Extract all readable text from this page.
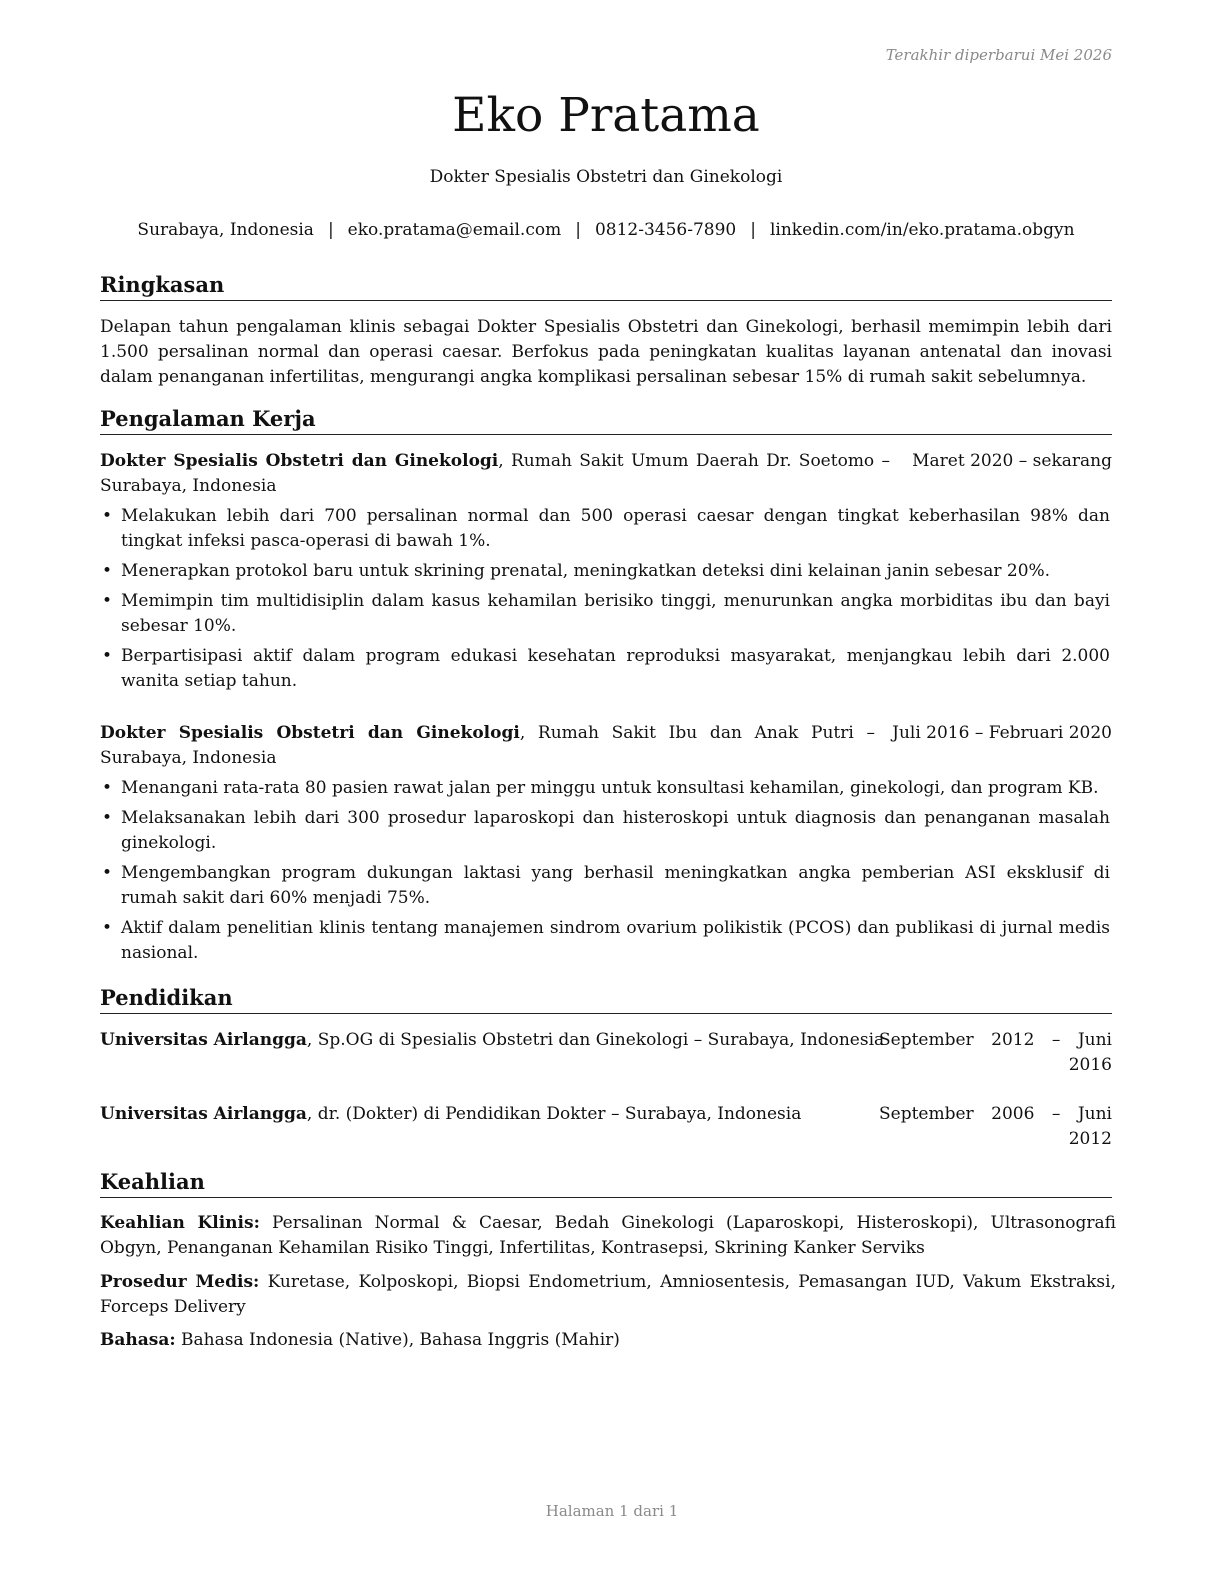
Terakhir diperbarui Mei 2026
Eko Pratama
Dokter Spesialis Obstetri dan Ginekologi
Surabaya, Indonesia | eko.pratama@email.com | 0812-3456-7890 | linkedin.com/in/eko.pratama.obgyn
Ringkasan
Delapan tahun pengalaman klinis sebagai Dokter Spesialis Obstetri dan Ginekologi, berhasil memimpin lebih dari 1.500 persalinan normal dan operasi caesar. Berfokus pada peningkatan kualitas layanan antenatal dan inovasi dalam penanganan infertilitas, mengurangi angka komplikasi persalinan sebesar 15% di rumah sakit sebelumnya.
Pengalaman Kerja
Dokter Spesialis Obstetri dan Ginekologi, Rumah Sakit Umum Daerah Dr. Soetomo – Surabaya, Indonesia
Maret 2020 – sekarang
• Melakukan lebih dari 700 persalinan normal dan 500 operasi caesar dengan tingkat keberhasilan 98% dan tingkat infeksi pasca-operasi di bawah 1%.
• Menerapkan protokol baru untuk skrining prenatal, meningkatkan deteksi dini kelainan janin sebesar 20%.
• Memimpin tim multidisiplin dalam kasus kehamilan berisiko tinggi, menurunkan angka morbiditas ibu dan bayi sebesar 10%.
• Berpartisipasi aktif dalam program edukasi kesehatan reproduksi masyarakat, menjangkau lebih dari 2.000 wanita setiap tahun.
Dokter Spesialis Obstetri dan Ginekologi, Rumah Sakit Ibu dan Anak Putri – Surabaya, Indonesia
Juli 2016 – Februari 2020
• Menangani rata-rata 80 pasien rawat jalan per minggu untuk konsultasi kehamilan, ginekologi, dan program KB.
• Melaksanakan lebih dari 300 prosedur laparoskopi dan histeroskopi untuk diagnosis dan penanganan masalah ginekologi.
• Mengembangkan program dukungan laktasi yang berhasil meningkatkan angka pemberian ASI eksklusif di rumah sakit dari 60% menjadi 75%.
• Aktif dalam penelitian klinis tentang manajemen sindrom ovarium polikistik (PCOS) dan publikasi di jurnal medis nasional.
Pendidikan
Universitas Airlangga, Sp.OG di Spesialis Obstetri dan Ginekologi – Surabaya, Indonesia
September 2012 – Juni 2016
Universitas Airlangga, dr. (Dokter) di Pendidikan Dokter – Surabaya, Indonesia	September 2006 – Juni 2012
Keahlian
Keahlian Klinis: Persalinan Normal & Caesar, Bedah Ginekologi (Laparoskopi, Histeroskopi), Ultrasonografi Obgyn, Penanganan Kehamilan Risiko Tinggi, Infertilitas, Kontrasepsi, Skrining Kanker Serviks
Prosedur Medis: Kuretase, Kolposkopi, Biopsi Endometrium, Amniosentesis, Pemasangan IUD, Vakum Ekstraksi, Forceps Delivery
Bahasa: Bahasa Indonesia (Native), Bahasa Inggris (Mahir)
Halaman 1 dari 1
